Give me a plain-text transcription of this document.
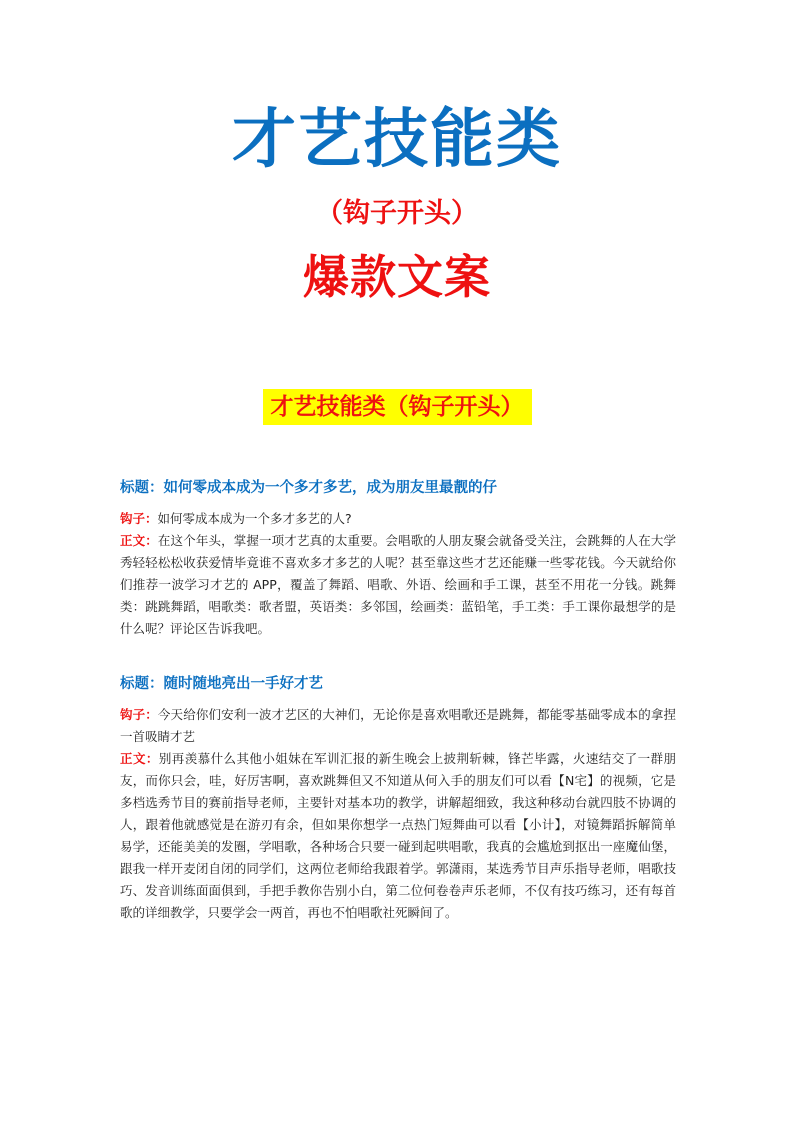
才艺技能类
（钩子开头）
爆款文案
才艺技能类（钩子开头）
标题：如何零成本成为一个多才多艺，成为朋友里最靓的仔

钩子：如何零成本成为一个多才多艺的人?

正文：在这个年头，掌握一项才艺真的太重要。会唱歌的人朋友聚会就备受关注，会跳舞的人在大学秀轻轻松松收获爱情毕竟谁不喜欢多才多艺的人呢？甚至靠这些才艺还能赚一些零花钱。今天就给你们推荐一波学习才艺的 APP，覆盖了舞蹈、唱歌、外语、绘画和手工课，甚至不用花一分钱。跳舞类：跳跳舞蹈，唱歌类：歌者盟，英语类：多邻国，绘画类：蓝铅笔，手工类：手工课你最想学的是什么呢？评论区告诉我吧。

标题：随时随地亮出一手好才艺

钩子：今天给你们安利一波才艺区的大神们，无论你是喜欢唱歌还是跳舞，都能零基础零成本的拿捏一首吸睛才艺

正文：别再羡慕什么其他小姐妹在军训汇报的新生晚会上披荆斩棘，锋芒毕露，火速结交了一群朋友，而你只会，哇，好厉害啊，喜欢跳舞但又不知道从何入手的朋友们可以看【N宅】的视频，它是多档选秀节目的赛前指导老师，主要针对基本功的教学，讲解超细致，我这种移动台就四肢不协调的人，跟着他就感觉是在游刃有余，但如果你想学一点热门短舞曲可以看【小计】，对镜舞蹈拆解简单易学，还能美美的发圈，学唱歌，各种场合只要一碰到起哄唱歌，我真的会尴尬到抠出一座魔仙堡，跟我一样开麦闭自闭的同学们，这两位老师给我跟着学。郭潇雨，某选秀节目声乐指导老师，唱歌技巧、发音训练面面俱到，手把手教你告别小白，第二位何卷卷声乐老师，不仅有技巧练习，还有每首歌的详细教学，只要学会一两首，再也不怕唱歌社死瞬间了。
